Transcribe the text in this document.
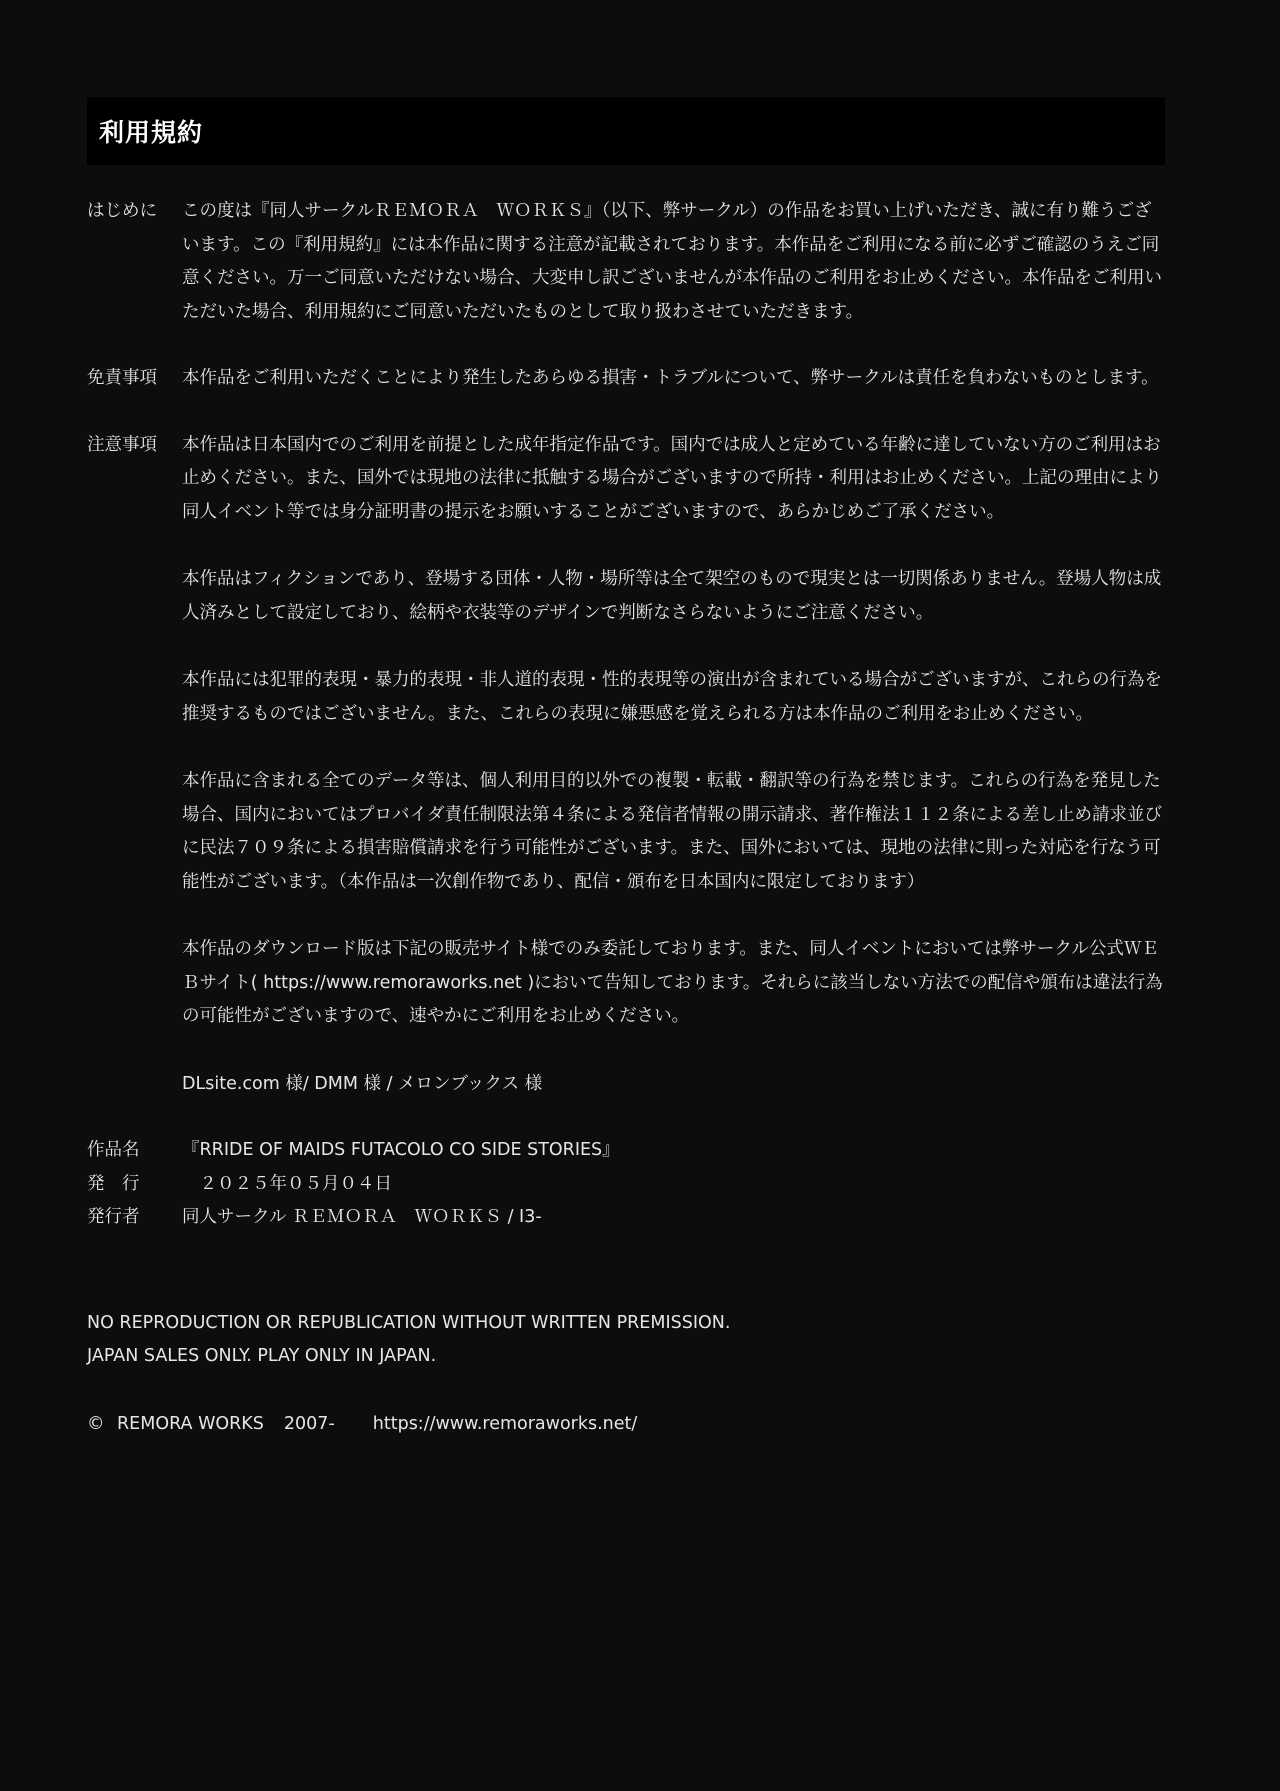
利用規約
はじめに	この度は『同人サークルＲＥＭＯＲＡ　ＷＯＲＫＳ』（以下、弊サークル）の作品をお買い上げいただき、誠に有り難うございます。この『利用規約』には本作品に関する注意が記載されております。本作品をご利用になる前に必ずご確認のうえご同意ください。万一ご同意いただけない場合、大変申し訳ございませんが本作品のご利用をお止めください。本作品をご利用いただいた場合、利用規約にご同意いただいたものとして取り扱わさせていただきます。

免責事項	本作品をご利用いただくことにより発生したあらゆる損害・トラブルについて、弊サークルは責任を負わないものとします。

注意事項	本作品は日本国内でのご利用を前提とした成年指定作品です。国内では成人と定めている年齢に達していない方のご利用はお止めください。また、国外では現地の法律に抵触する場合がございますので所持・利用はお止めください。上記の理由により同人イベント等では身分証明書の提示をお願いすることがございますので、あらかじめご了承ください。

本作品はフィクションであり、登場する団体・人物・場所等は全て架空のもので現実とは一切関係ありません。登場人物は成人済みとして設定しており、絵柄や衣装等のデザインで判断なさらないようにご注意ください。

本作品には犯罪的表現・暴力的表現・非人道的表現・性的表現等の演出が含まれている場合がございますが、これらの行為を推奨するものではございません。また、これらの表現に嫌悪感を覚えられる方は本作品のご利用をお止めください。

本作品に含まれる全てのデータ等は、個人利用目的以外での複製・転載・翻訳等の行為を禁じます。これらの行為を発見した場合、国内においてはプロバイダ責任制限法第４条による発信者情報の開示請求、著作権法１１２条による差し止め請求並びに民法７０９条による損害賠償請求を行う可能性がございます。また、国外においては、現地の法律に則った対応を行なう可能性がございます。（本作品は一次創作物であり、配信・頒布を日本国内に限定しております）

本作品のダウンロード版は下記の販売サイト様でのみ委託しております。また、同人イベントにおいては弊サークル公式ＷＥＢサイト( https://www.remoraworks.net )において告知しております。それらに該当しない方法での配信や頒布は違法行為の可能性がございますので、速やかにご利用をお止めください。

DLsite.com 様/ DMM 様 / メロンブックス 様

作品名	『RRIDE OF MAIDS FUTACOLO CO SIDE STORIES』
発　行	　２０２５年０５月０４日
発行者	同人サークル ＲＥＭＯＲＡ　ＷＯＲＫＳ / I3-
NO REPRODUCTION OR REPUBLICATION WITHOUT WRITTEN PREMISSION.
JAPAN SALES ONLY. PLAY ONLY IN JAPAN.
© REMORA WORKS 2007- https://www.remoraworks.net/
